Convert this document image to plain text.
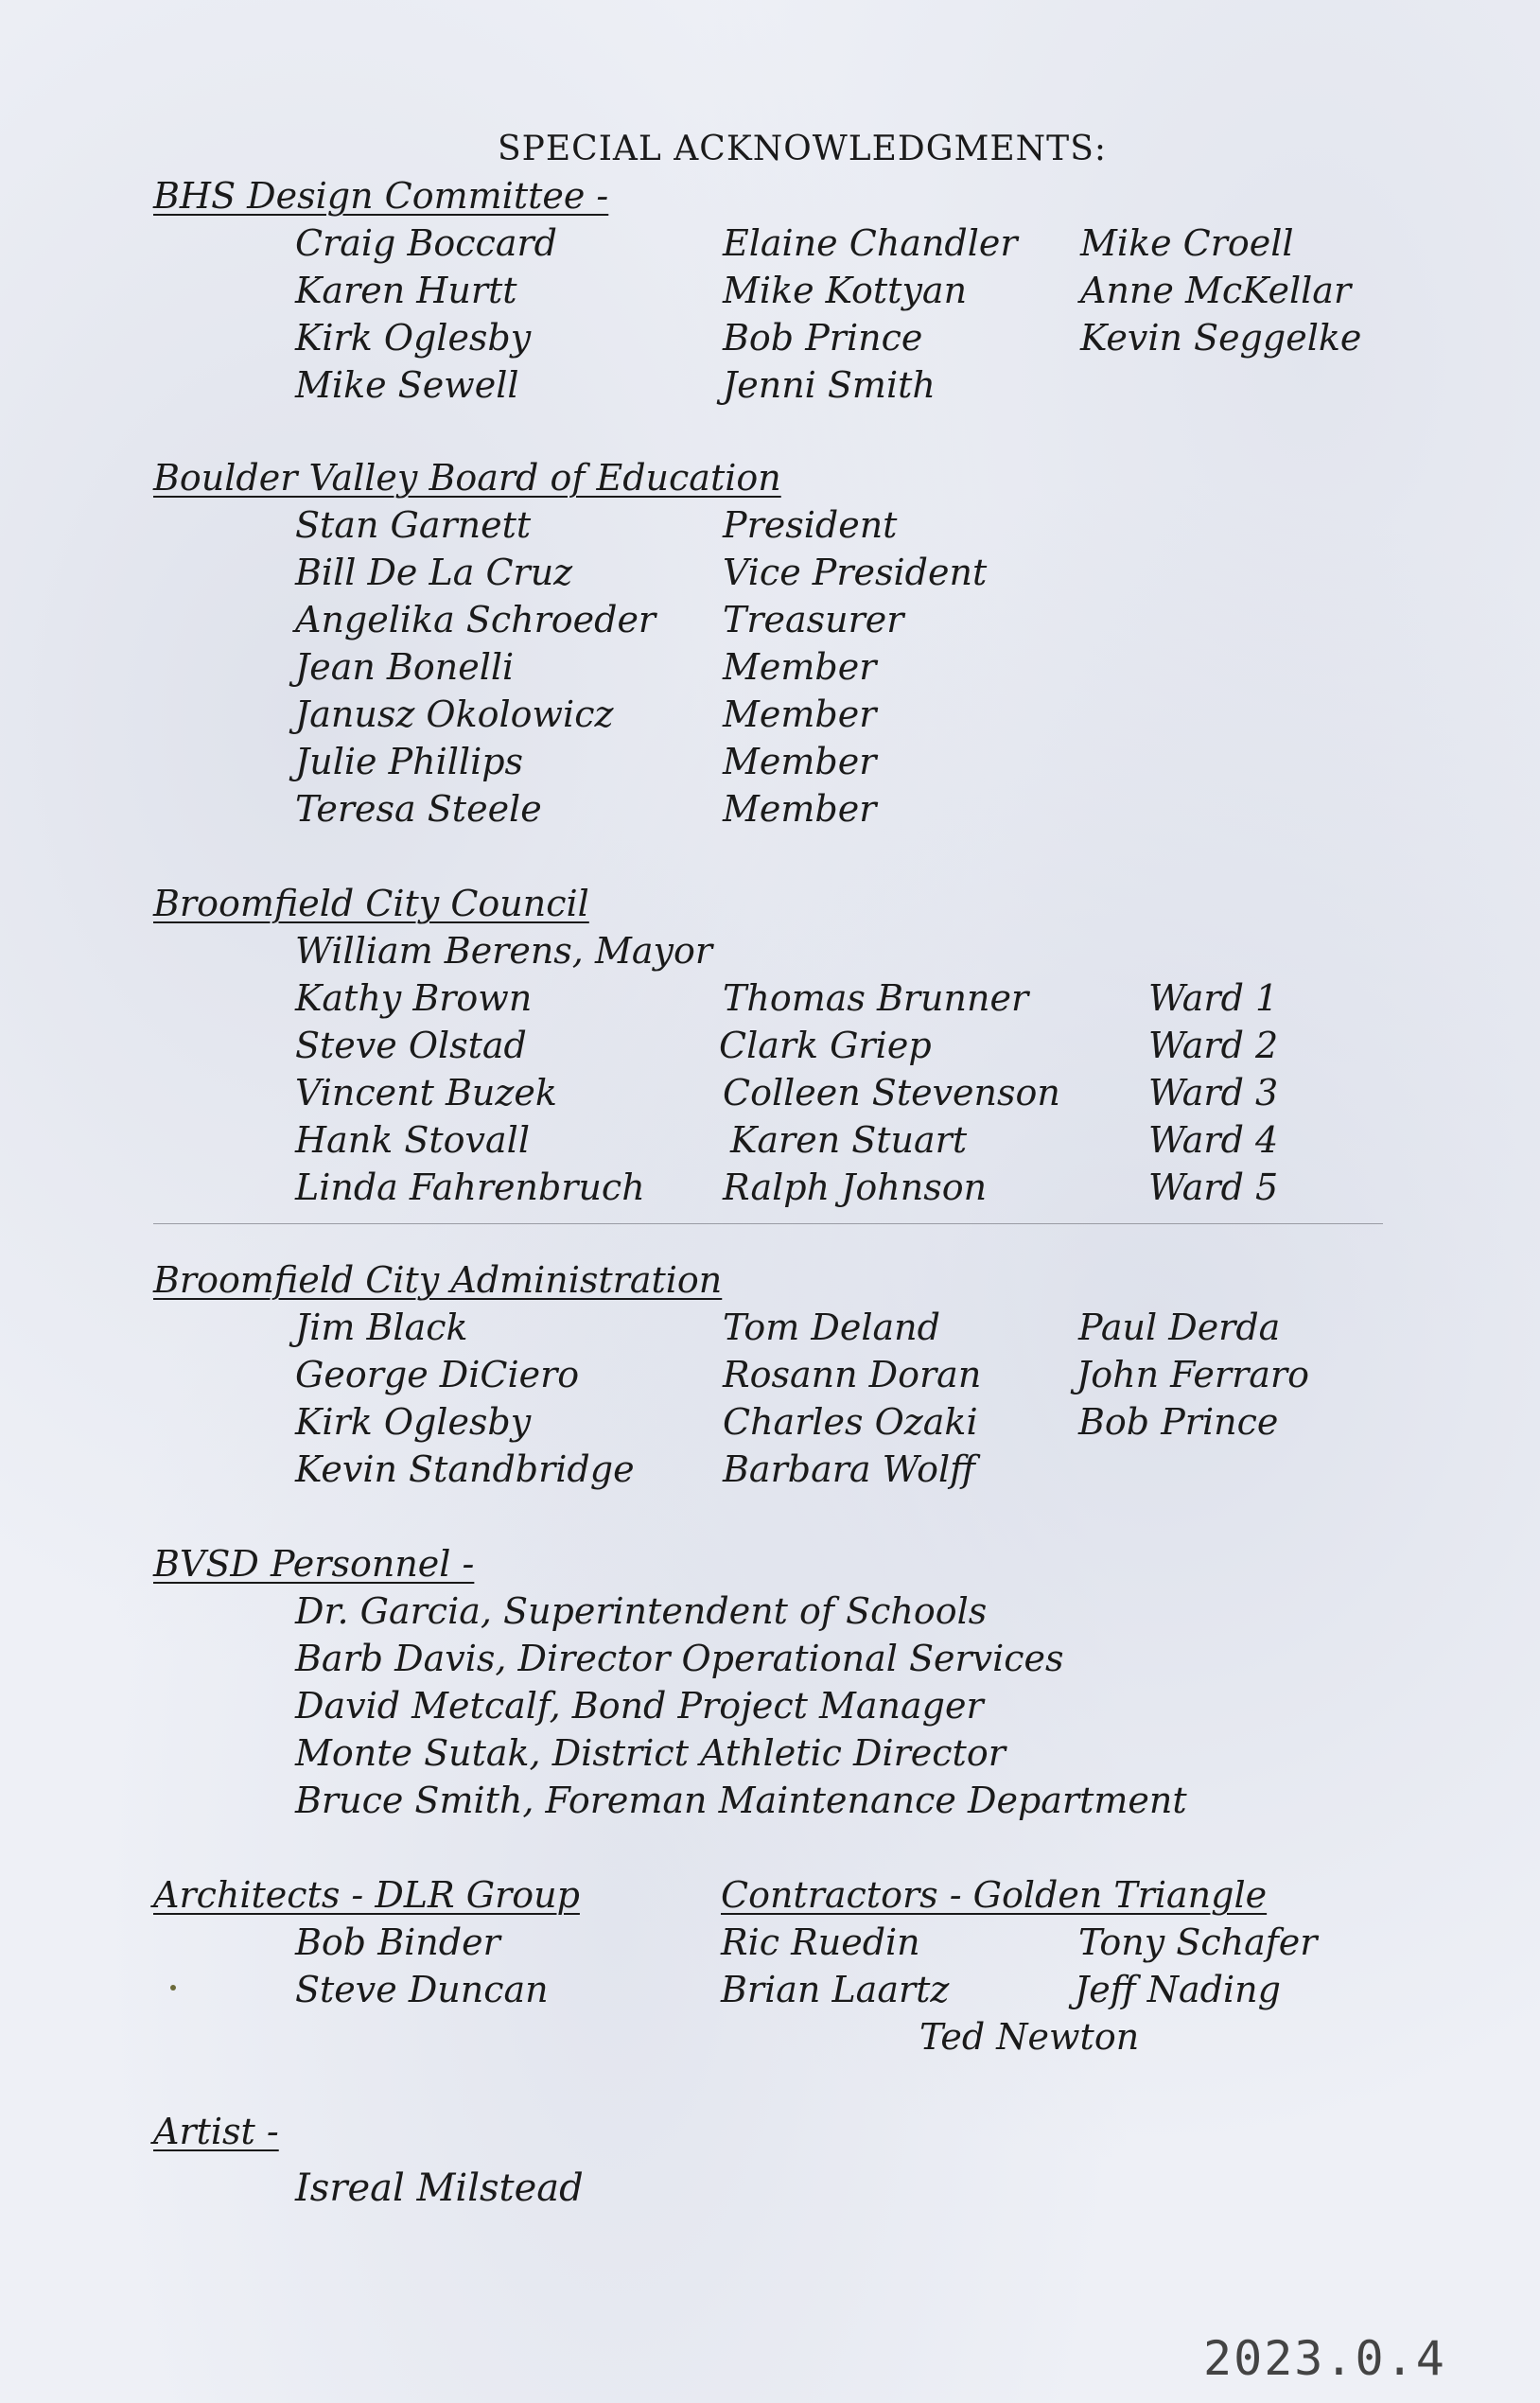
SPECIAL ACKNOWLEDGMENTS:
BHS Design Committee -
Craig Boccard	Elaine Chandler Mike Croell
Karen Hurtt	Mike Kottyan	Anne McKellar
Kirk Oglesby	Bob Prince	Kevin Seggelke
Mike Sewell	Jenni Smith
Boulder Valley Board of Education
Stan Garnett	President
Bill De La Cruz	Vice President
Angelika Schroeder Treasurer
Jean Bonelli	Member
Janusz Okolowicz	Member
Julie Phillips	Member
Teresa Steele	Member
Broomfield City Council
William Berens, Mayor
Kathy Brown	Thomas Brunner	Ward 1
Steve Olstad	Clark Griep	Ward 2
Vincent Buzek	Colleen Stevenson Ward 3
Hank Stovall	Karen Stuart	Ward 4
Linda Fahrenbruch Ralph Johnson	Ward 5
Broomfield City Administration
Jim Black	Tom Deland	Paul Derda
George DiCiero	Rosann Doran	John Ferraro
Kirk Oglesby	Charles Ozaki	Bob Prince
Kevin Standbridge Barbara Wolff
BVSD Personnel -
Dr. Garcia, Superintendent of Schools
Barb Davis, Director Operational Services
David Metcalf, Bond Project Manager
Monte Sutak, District Athletic Director
Bruce Smith, Foreman Maintenance Department
Architects - DLR Group	Contractors - Golden Triangle
Bob Binder	Ric Ruedin	Tony Schafer
Steve Duncan	Brian Laartz	Jeff Nading
Ted Newton
Artist -
Isreal Milstead
2023.0.4
